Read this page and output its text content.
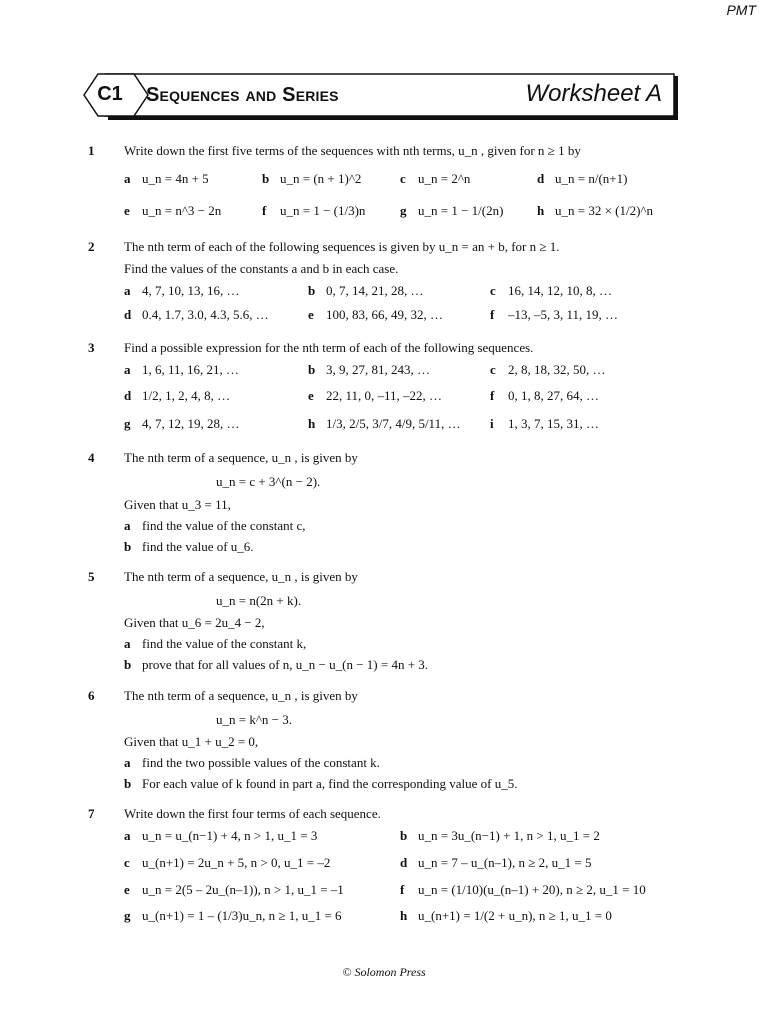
PMT
C1	Sequences and Series	Worksheet A
1 Write down the first five terms of the sequences with nth terms, u_n , given for n ≥ 1 by
a u_n = 4n + 5	b u_n = (n + 1)^2	c u_n = 2^n	d u_n = n/(n+1)
e u_n = n^3 − 2n	f u_n = 1 − (1/3)n	g u_n = 1 − 1/(2n)	h u_n = 32 × (1/2)^n
2 The nth term of each of the following sequences is given by u_n = an + b, for n ≥ 1.
Find the values of the constants a and b in each case.
a 4, 7, 10, 13, 16, …	b 0, 7, 14, 21, 28, …	c 16, 14, 12, 10, 8, …
d 0.4, 1.7, 3.0, 4.3, 5.6, …	e 100, 83, 66, 49, 32, …	f –13, –5, 3, 11, 19, …
3 Find a possible expression for the nth term of each of the following sequences.
a 1, 6, 11, 16, 21, …	b 3, 9, 27, 81, 243, …	c 2, 8, 18, 32, 50, …
d 1/2, 1, 2, 4, 8, …	e 22, 11, 0, –11, –22, …	f 0, 1, 8, 27, 64, …
g 4, 7, 12, 19, 28, …	h 1/3, 2/5, 3/7, 4/9, 5/11, … i 1, 3, 7, 15, 31, …
4 The nth term of a sequence, u_n , is given by
u_n = c + 3^(n − 2).
Given that u_3 = 11,
a find the value of the constant c,
b find the value of u_6.
5 The nth term of a sequence, u_n , is given by
u_n = n(2n + k).
Given that u_6 = 2u_4 − 2,
a find the value of the constant k,
b prove that for all values of n, u_n − u_(n − 1) = 4n + 3.
6 The nth term of a sequence, u_n , is given by
u_n = k^n − 3.
Given that u_1 + u_2 = 0,
a find the two possible values of the constant k.
b For each value of k found in part a, find the corresponding value of u_5.
7 Write down the first four terms of each sequence.
a u_n = u_(n−1) + 4, n > 1, u_1 = 3	b u_n = 3u_(n−1) + 1, n > 1, u_1 = 2
c u_(n+1) = 2u_n + 5, n > 0, u_1 = –2	d u_n = 7 – u_(n–1), n ≥ 2, u_1 = 5
e u_n = 2(5 – 2u_(n–1)), n > 1, u_1 = –1	f u_n = (1/10)(u_(n–1) + 20), n ≥ 2, u_1 = 10
g u_(n+1) = 1 – (1/3)u_n, n ≥ 1, u_1 = 6	h u_(n+1) = 1/(2 + u_n), n ≥ 1, u_1 = 0
© Solomon Press
